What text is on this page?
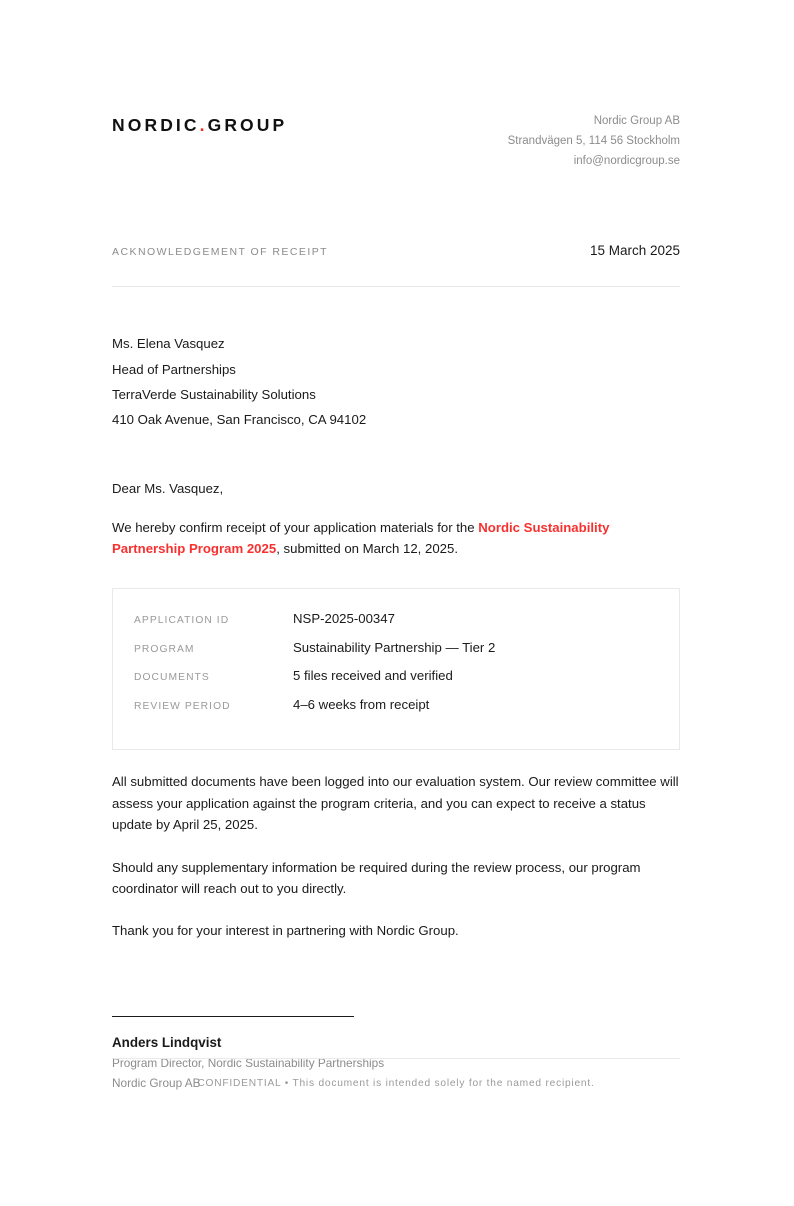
NORDIC.GROUP	Nordic Group AB
Strandvägen 5, 114 56 Stockholm
info@nordicgroup.se
ACKNOWLEDGEMENT OF RECEIPT	15 March 2025
Ms. Elena Vasquez
Head of Partnerships
TerraVerde Sustainability Solutions
410 Oak Avenue, San Francisco, CA 94102
Dear Ms. Vasquez,
We hereby confirm receipt of your application materials for the Nordic Sustainability Partnership Program 2025, submitted on March 12, 2025.
APPLICATION ID	NSP-2025-00347
PROGRAM	Sustainability Partnership — Tier 2
DOCUMENTS	5 files received and verified
REVIEW PERIOD	4–6 weeks from receipt
All submitted documents have been logged into our evaluation system. Our review committee will assess your application against the program criteria, and you can expect to receive a status update by April 25, 2025.
Should any supplementary information be required during the review process, our program coordinator will reach out to you directly.
Thank you for your interest in partnering with Nordic Group.
Anders Lindqvist
Program Director, Nordic Sustainability Partnerships
Nordic Group AB
CONFIDENTIAL • This document is intended solely for the named recipient.
